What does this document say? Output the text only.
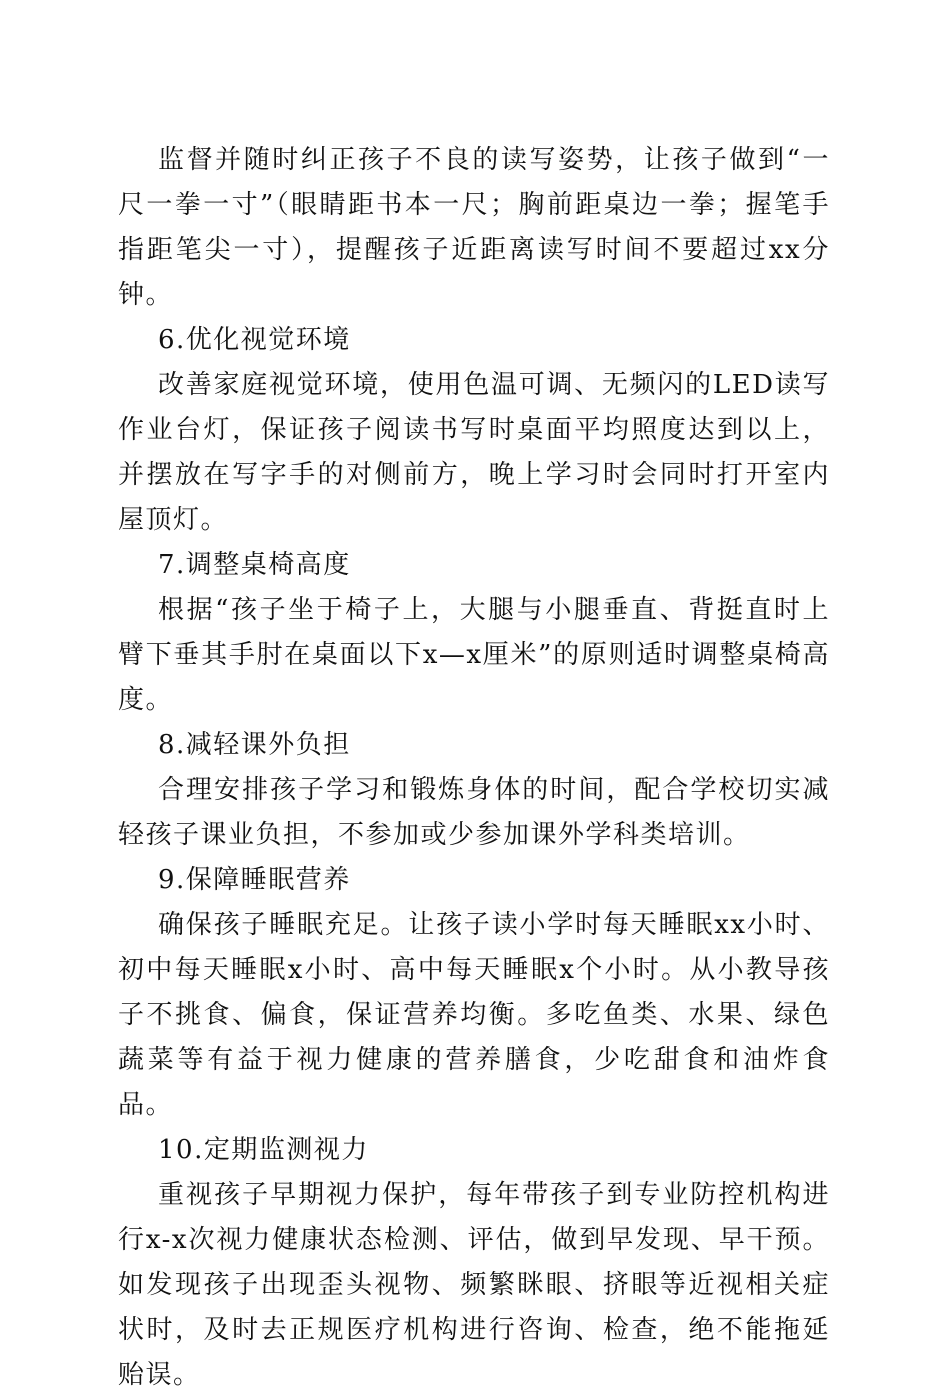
监督并随时纠正孩子不良的读写姿势，让孩子做到“一尺一拳一寸”（眼睛距书本一尺；胸前距桌边一拳；握笔手指距笔尖一寸），提醒孩子近距离读写时间不要超过xx分钟。

6.优化视觉环境

改善家庭视觉环境，使用色温可调、无频闪的LED读写作业台灯，保证孩子阅读书写时桌面平均照度达到以上，并摆放在写字手的对侧前方，晚上学习时会同时打开室内屋顶灯。

7.调整桌椅高度

根据“孩子坐于椅子上，大腿与小腿垂直、背挺直时上臂下垂其手肘在桌面以下x—x厘米”的原则适时调整桌椅高度。

8.减轻课外负担

合理安排孩子学习和锻炼身体的时间，配合学校切实减轻孩子课业负担，不参加或少参加课外学科类培训。

9.保障睡眠营养

确保孩子睡眠充足。让孩子读小学时每天睡眠xx小时、初中每天睡眠x小时、高中每天睡眠x个小时。从小教导孩子不挑食、偏食，保证营养均衡。多吃鱼类、水果、绿色蔬菜等有益于视力健康的营养膳食，少吃甜食和油炸食品。

10.定期监测视力

重视孩子早期视力保护，每年带孩子到专业防控机构进行x-x次视力健康状态检测、评估，做到早发现、早干预。如发现孩子出现歪头视物、频繁眯眼、挤眼等近视相关症状时，及时去正规医疗机构进行咨询、检查，绝不能拖延贻误。
